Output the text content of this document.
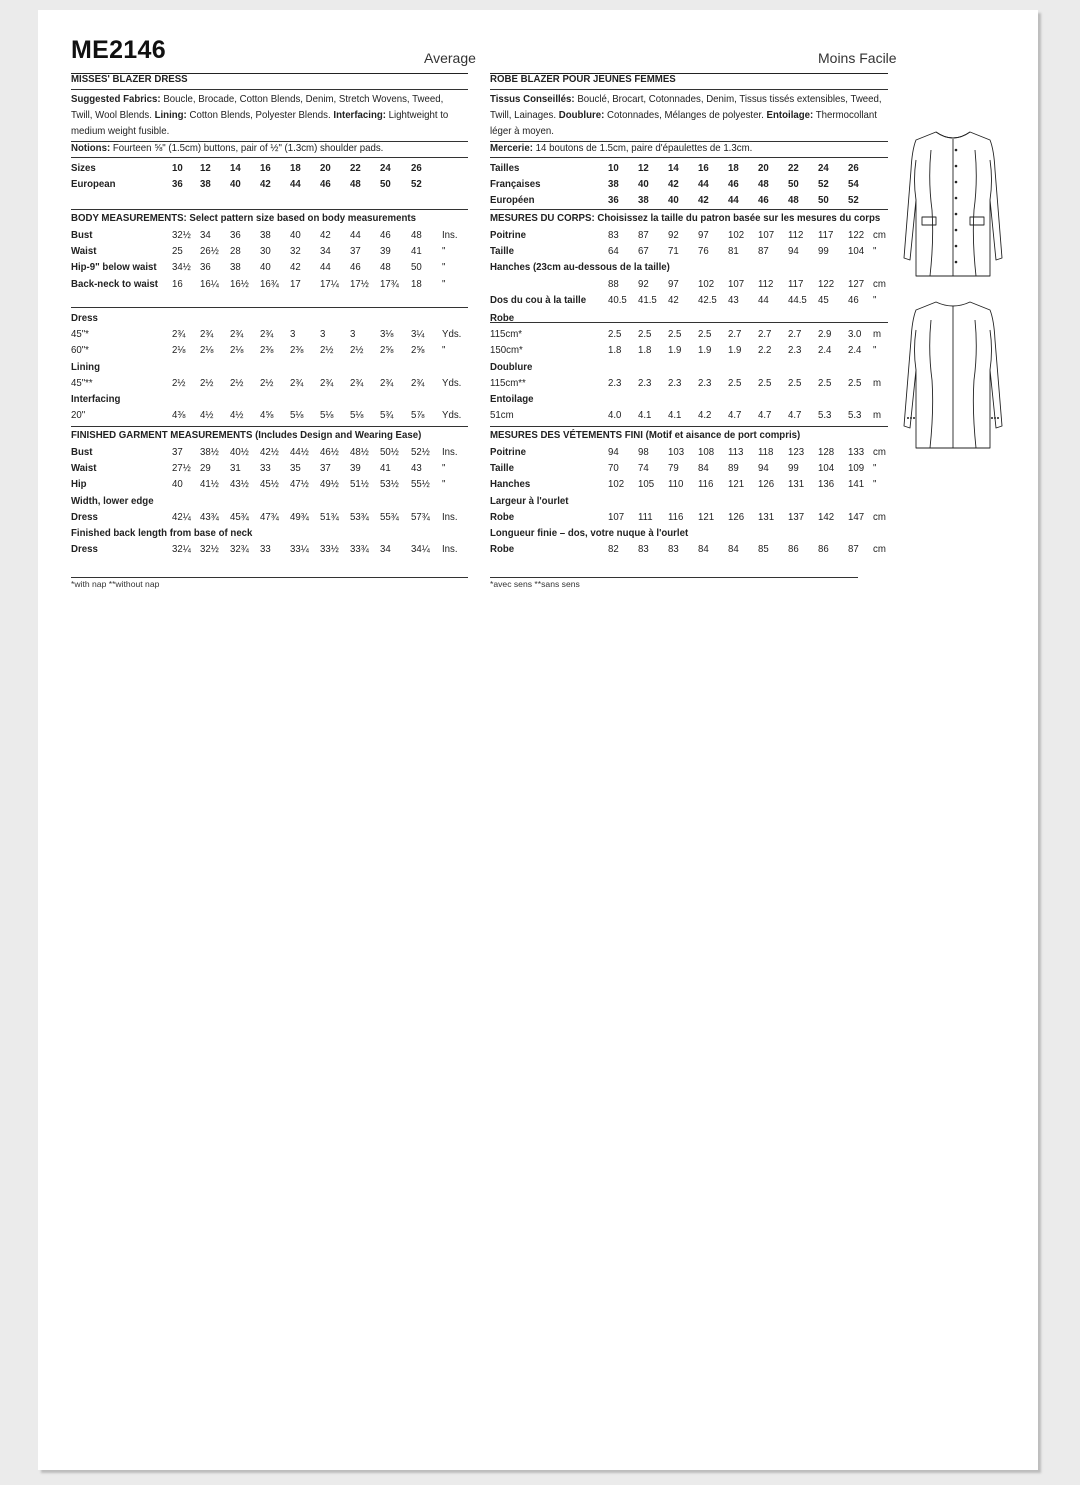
ME2146	Average	Moins Facile
MISSES' BLAZER DRESS
Suggested Fabrics: Boucle, Brocade, Cotton Blends, Denim, Stretch Wovens, Tweed, Twill, Wool Blends. Lining: Cotton Blends, Polyester Blends. Interfacing: Lightweight to medium weight fusible.
Notions: Fourteen ⅝" (1.5cm) buttons, pair of ½" (1.3cm) shoulder pads.
Sizes	10 12 14 16 18 20 22 24 26
European	36 38 40 42 44 46 48 50 52
BODY MEASUREMENTS: Select pattern size based on body measurements
Bust	32½ 34 36 38 40 42 44 46 48 Ins.
Waist	25 26½ 28 30 32 34 37 39 41 "
Hip-9" below waist 34½ 36 38 40 42 44 46 48 50 "
Back-neck to waist 16 16¼ 16½ 16¾ 17 17¼ 17½ 17¾ 18 "
Dress
45"*	2¾ 2¾ 2¾ 2¾ 3 3 3 3⅛ 3¼ Yds.
60"*	2⅛ 2⅛ 2⅛ 2⅜ 2⅜ 2½ 2½ 2⅝ 2⅝ "
Lining
45"**	2½ 2½ 2½ 2½ 2¾ 2¾ 2¾ 2¾ 2¾ Yds.
Interfacing
20"	4⅜ 4½ 4½ 4⅝ 5⅛ 5⅛ 5⅛ 5¾ 5⅞ Yds.
FINISHED GARMENT MEASUREMENTS (Includes Design and Wearing Ease)
Bust	37 38½ 40½ 42½ 44½ 46½ 48½ 50½ 52½ Ins.
Waist	27½ 29 31 33 35 37 39 41 43 "
Hip	40 41½ 43½ 45½ 47½ 49½ 51½ 53½ 55½ "
Width, lower edge
Dress	42¼ 43¾ 45¾ 47¾ 49¾ 51¾ 53¾ 55¾ 57¾ Ins.
Finished back length from base of neck
Dress	32¼ 32½ 32¾ 33 33¼ 33½ 33¾ 34 34¼ Ins.
*with nap **without nap
ROBE BLAZER POUR JEUNES FEMMES
Tissus Conseillés: Bouclé, Brocart, Cotonnades, Denim, Tissus tissés extensibles, Tweed, Twill, Lainages. Doublure: Cotonnades, Mélanges de polyester. Entoilage: Thermocollant léger à moyen.
Mercerie: 14 boutons de 1.5cm, paire d'épaulettes de 1.3cm.
Tailles	10 12 14 16 18 20 22 24 26
Françaises	38 40 42 44 46 48 50 52 54
Européen	36 38 40 42 44 46 48 50 52
MESURES DU CORPS: Choisissez la taille du patron basée sur les mesures du corps
Poitrine	83 87 92 97 102 107 112 117 122 cm
Taille	64 67 71 76 81 87 94 99 104 "
Hanches (23cm au-dessous de la taille)
88 92 97 102 107 112 117 122 127 cm
Dos du cou à la taille 40.5 41.5 42 42.5 43 44 44.5 45 46 "
Robe
115cm*	2.5 2.5 2.5 2.5 2.7 2.7 2.7 2.9 3.0 m
150cm*	1.8 1.8 1.9 1.9 1.9 2.2 2.3 2.4 2.4 "
Doublure
115cm**	2.3 2.3 2.3 2.3 2.5 2.5 2.5 2.5 2.5 m
Entoilage
51cm	4.0 4.1 4.1 4.2 4.7 4.7 4.7 5.3 5.3 m
MESURES DES VÉTEMENTS FINI (Motif et aisance de port compris)
Poitrine	94 98 103 108 113 118 123 128 133 cm
Taille	70 74 79 84 89 94 99 104 109 "
Hanches	102 105 110 116 121 126 131 136 141 "
Largeur à l'ourlet
Robe	107 111 116 121 126 131 137 142 147 cm
Longueur finie – dos, votre nuque à l'ourlet
Robe	82 83 83 84 84 85 86 86 87 cm
*avec sens **sans sens
